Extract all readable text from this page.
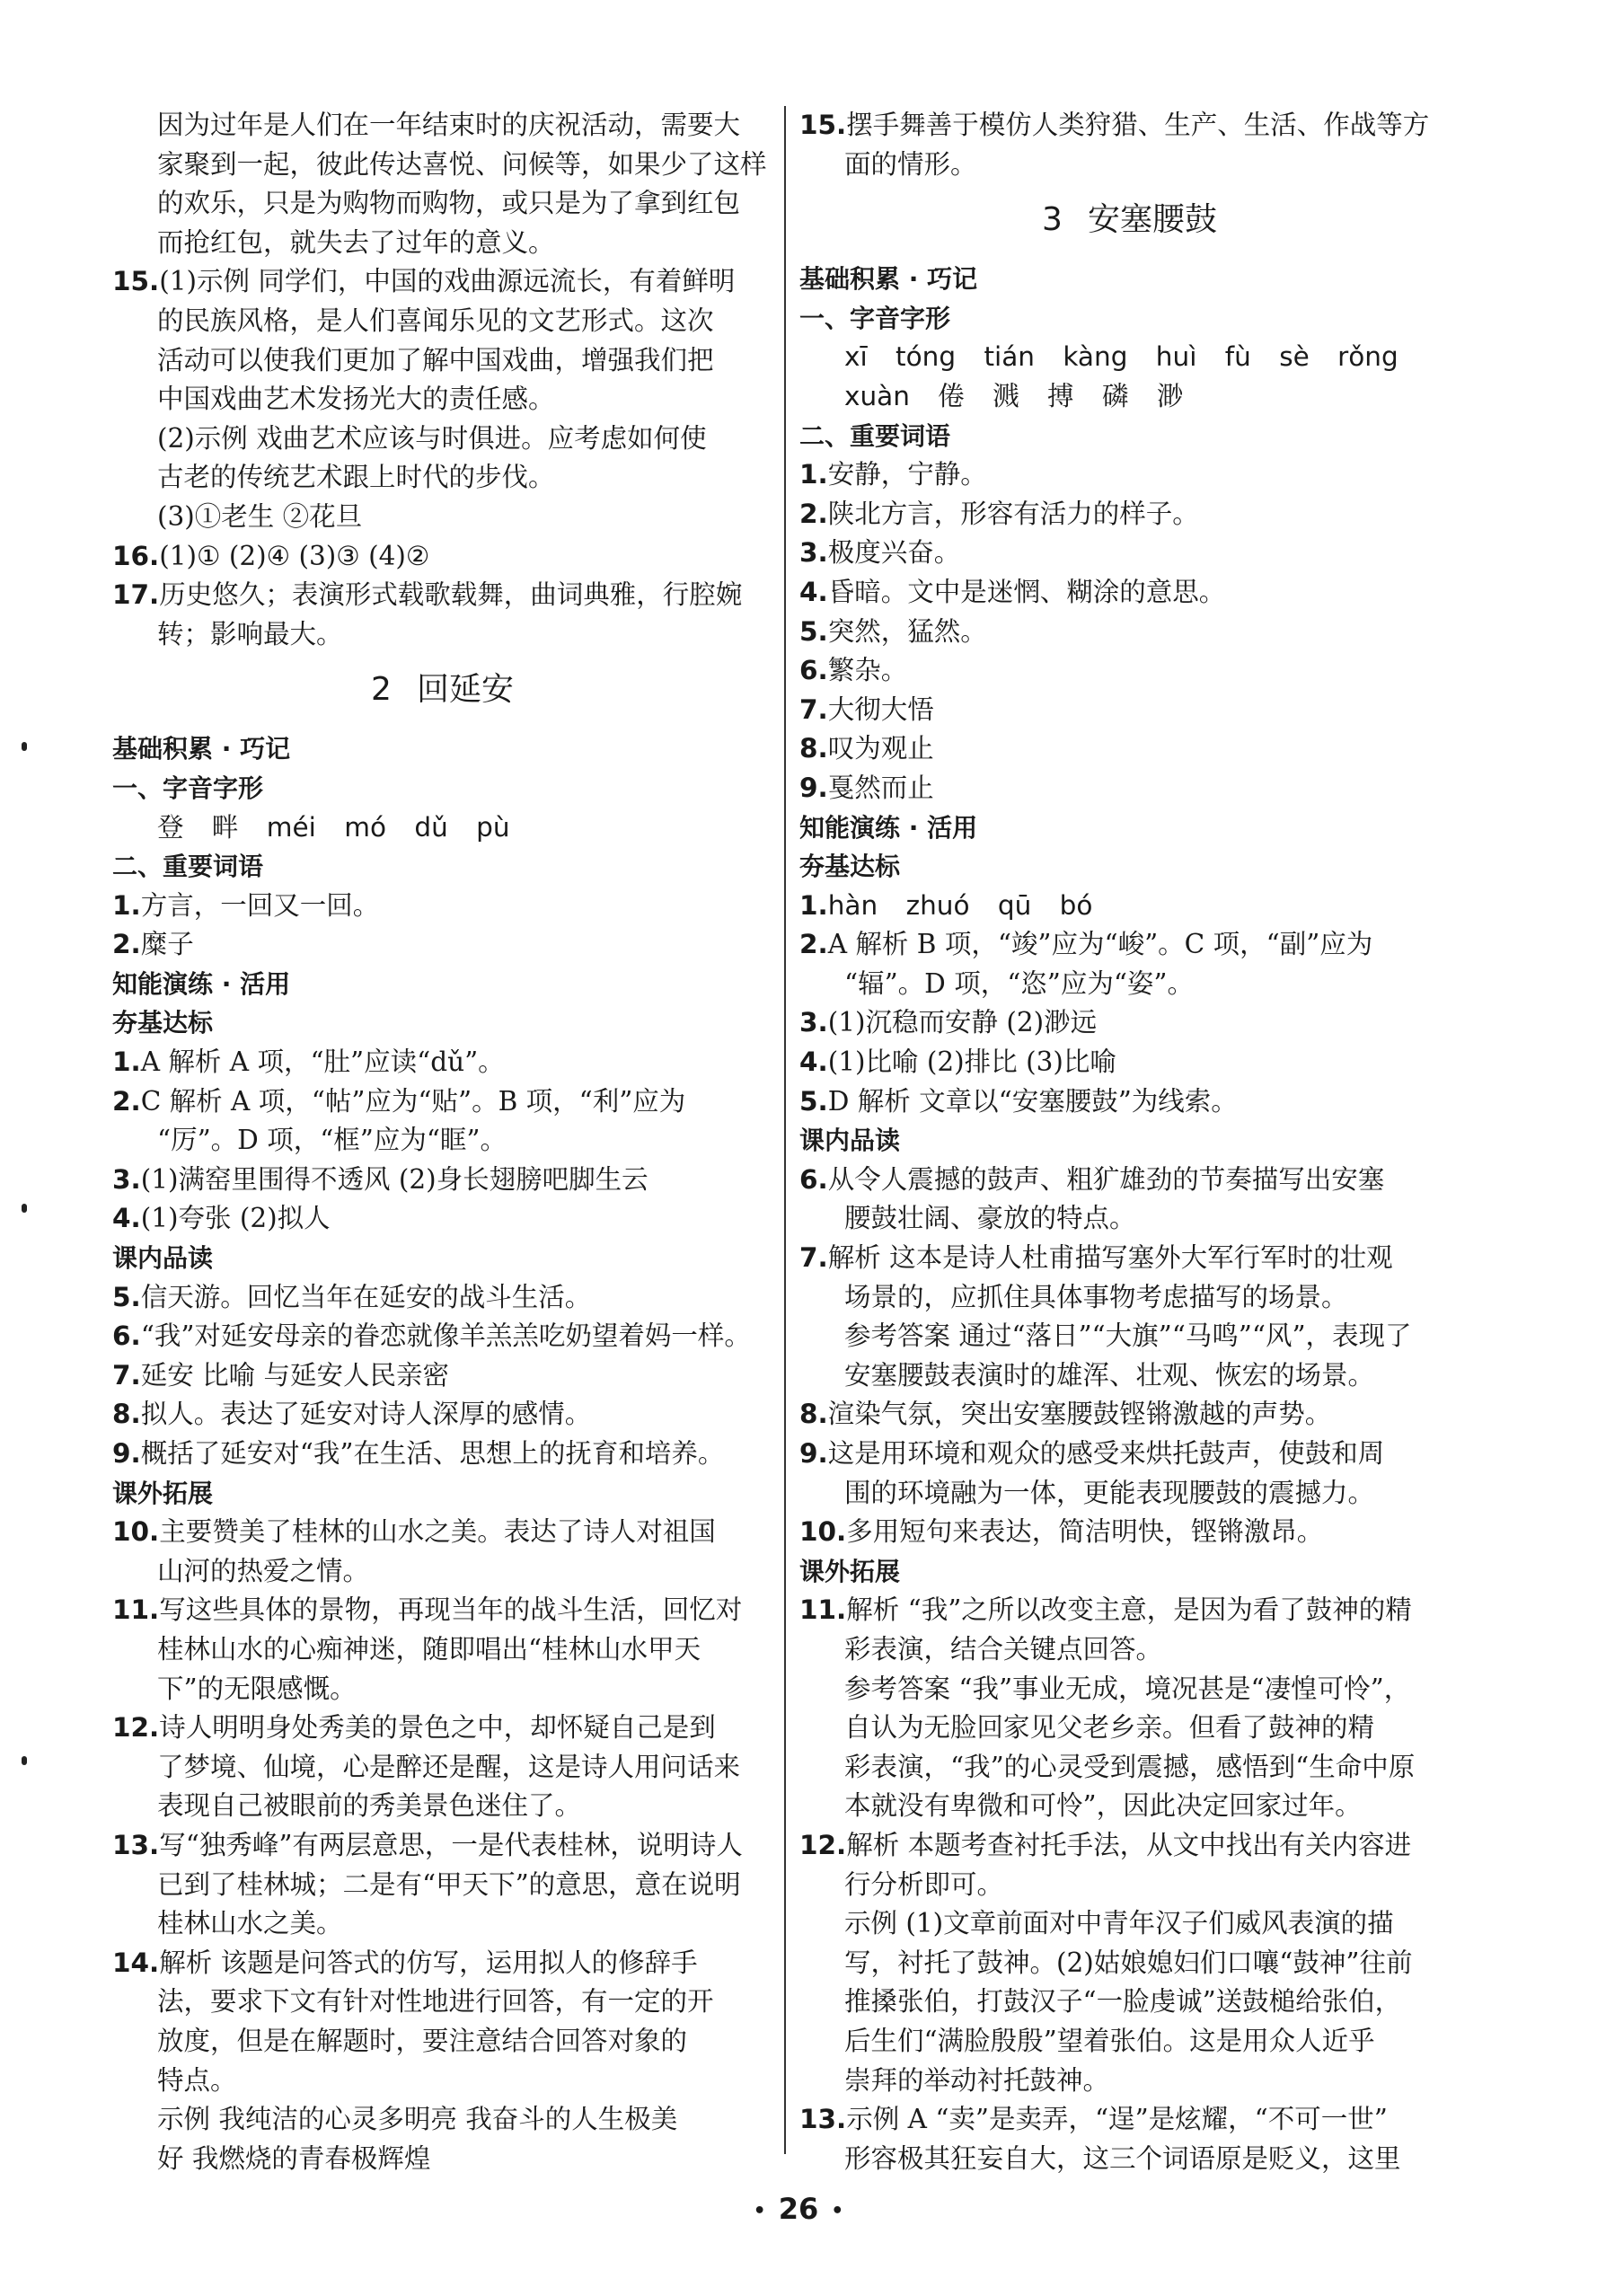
因为过年是人们在一年结束时的庆祝活动，需要大
家聚到一起，彼此传达喜悦、问候等，如果少了这样
的欢乐，只是为购物而购物，或只是为了拿到红包
而抢红包，就失去了过年的意义。
15.(1)示例 同学们，中国的戏曲源远流长，有着鲜明
的民族风格，是人们喜闻乐见的文艺形式。这次
活动可以使我们更加了解中国戏曲，增强我们把
中国戏曲艺术发扬光大的责任感。
(2)示例 戏曲艺术应该与时俱进。应考虑如何使
古老的传统艺术跟上时代的步伐。
(3)①老生 ②花旦
16.(1)① (2)④ (3)③ (4)②
17.历史悠久；表演形式载歌载舞，曲词典雅，行腔婉
转；影响最大。
2 回延安
基础积累 · 巧记
一、字音字形
登 畔 méi mó dǔ pù
二、重要词语
1.方言，一回又一回。
2.糜子
知能演练 · 活用
夯基达标
1.A 解析 A 项，“肚”应读“dǔ”。
2.C 解析 A 项，“帖”应为“贴”。B 项，“利”应为
“厉”。D 项，“框”应为“眶”。
3.(1)满窑里围得不透风 (2)身长翅膀吧脚生云
4.(1)夸张 (2)拟人
课内品读
5.信天游。回忆当年在延安的战斗生活。
6.“我”对延安母亲的眷恋就像羊羔羔吃奶望着妈一样。
7.延安 比喻 与延安人民亲密
8.拟人。表达了延安对诗人深厚的感情。
9.概括了延安对“我”在生活、思想上的抚育和培养。
课外拓展
10.主要赞美了桂林的山水之美。表达了诗人对祖国
山河的热爱之情。
11.写这些具体的景物，再现当年的战斗生活，回忆对
桂林山水的心痴神迷，随即唱出“桂林山水甲天
下”的无限感慨。
12.诗人明明身处秀美的景色之中，却怀疑自己是到
了梦境、仙境，心是醉还是醒，这是诗人用问话来
表现自己被眼前的秀美景色迷住了。
13.写“独秀峰”有两层意思，一是代表桂林，说明诗人
已到了桂林城；二是有“甲天下”的意思，意在说明
桂林山水之美。
14.解析 该题是问答式的仿写，运用拟人的修辞手
法，要求下文有针对性地进行回答，有一定的开
放度，但是在解题时，要注意结合回答对象的
特点。
示例 我纯洁的心灵多明亮 我奋斗的人生极美
好 我燃烧的青春极辉煌
15.摆手舞善于模仿人类狩猎、生产、生活、作战等方
面的情形。
3 安塞腰鼓
基础积累 · 巧记
一、字音字形
xī tóng tián kàng huì fù sè rǒng
xuàn 倦 溅 搏 磷 渺
二、重要词语
1.安静，宁静。
2.陕北方言，形容有活力的样子。
3.极度兴奋。
4.昏暗。文中是迷惘、糊涂的意思。
5.突然，猛然。
6.繁杂。
7.大彻大悟
8.叹为观止
9.戛然而止
知能演练 · 活用
夯基达标
1.hàn zhuó qū bó
2.A 解析 B 项，“竣”应为“峻”。C 项，“副”应为
“辐”。D 项，“恣”应为“姿”。
3.(1)沉稳而安静 (2)渺远
4.(1)比喻 (2)排比 (3)比喻
5.D 解析 文章以“安塞腰鼓”为线索。
课内品读
6.从令人震撼的鼓声、粗犷雄劲的节奏描写出安塞
腰鼓壮阔、豪放的特点。
7.解析 这本是诗人杜甫描写塞外大军行军时的壮观
场景的，应抓住具体事物考虑描写的场景。
参考答案 通过“落日”“大旗”“马鸣”“风”，表现了
安塞腰鼓表演时的雄浑、壮观、恢宏的场景。
8.渲染气氛，突出安塞腰鼓铿锵激越的声势。
9.这是用环境和观众的感受来烘托鼓声，使鼓和周
围的环境融为一体，更能表现腰鼓的震撼力。
10.多用短句来表达，简洁明快，铿锵激昂。
课外拓展
11.解析 “我”之所以改变主意，是因为看了鼓神的精
彩表演，结合关键点回答。
参考答案 “我”事业无成，境况甚是“凄惶可怜”，
自认为无脸回家见父老乡亲。但看了鼓神的精
彩表演，“我”的心灵受到震撼，感悟到“生命中原
本就没有卑微和可怜”，因此决定回家过年。
12.解析 本题考查衬托手法，从文中找出有关内容进
行分析即可。
示例 (1)文章前面对中青年汉子们威风表演的描
写，衬托了鼓神。(2)姑娘媳妇们口嚷“鼓神”往前
推搡张伯，打鼓汉子“一脸虔诚”送鼓槌给张伯，
后生们“满脸殷殷”望着张伯。这是用众人近乎
崇拜的举动衬托鼓神。
13.示例 A “卖”是卖弄，“逞”是炫耀，“不可一世”
形容极其狂妄自大，这三个词语原是贬义，这里
• 26 •
